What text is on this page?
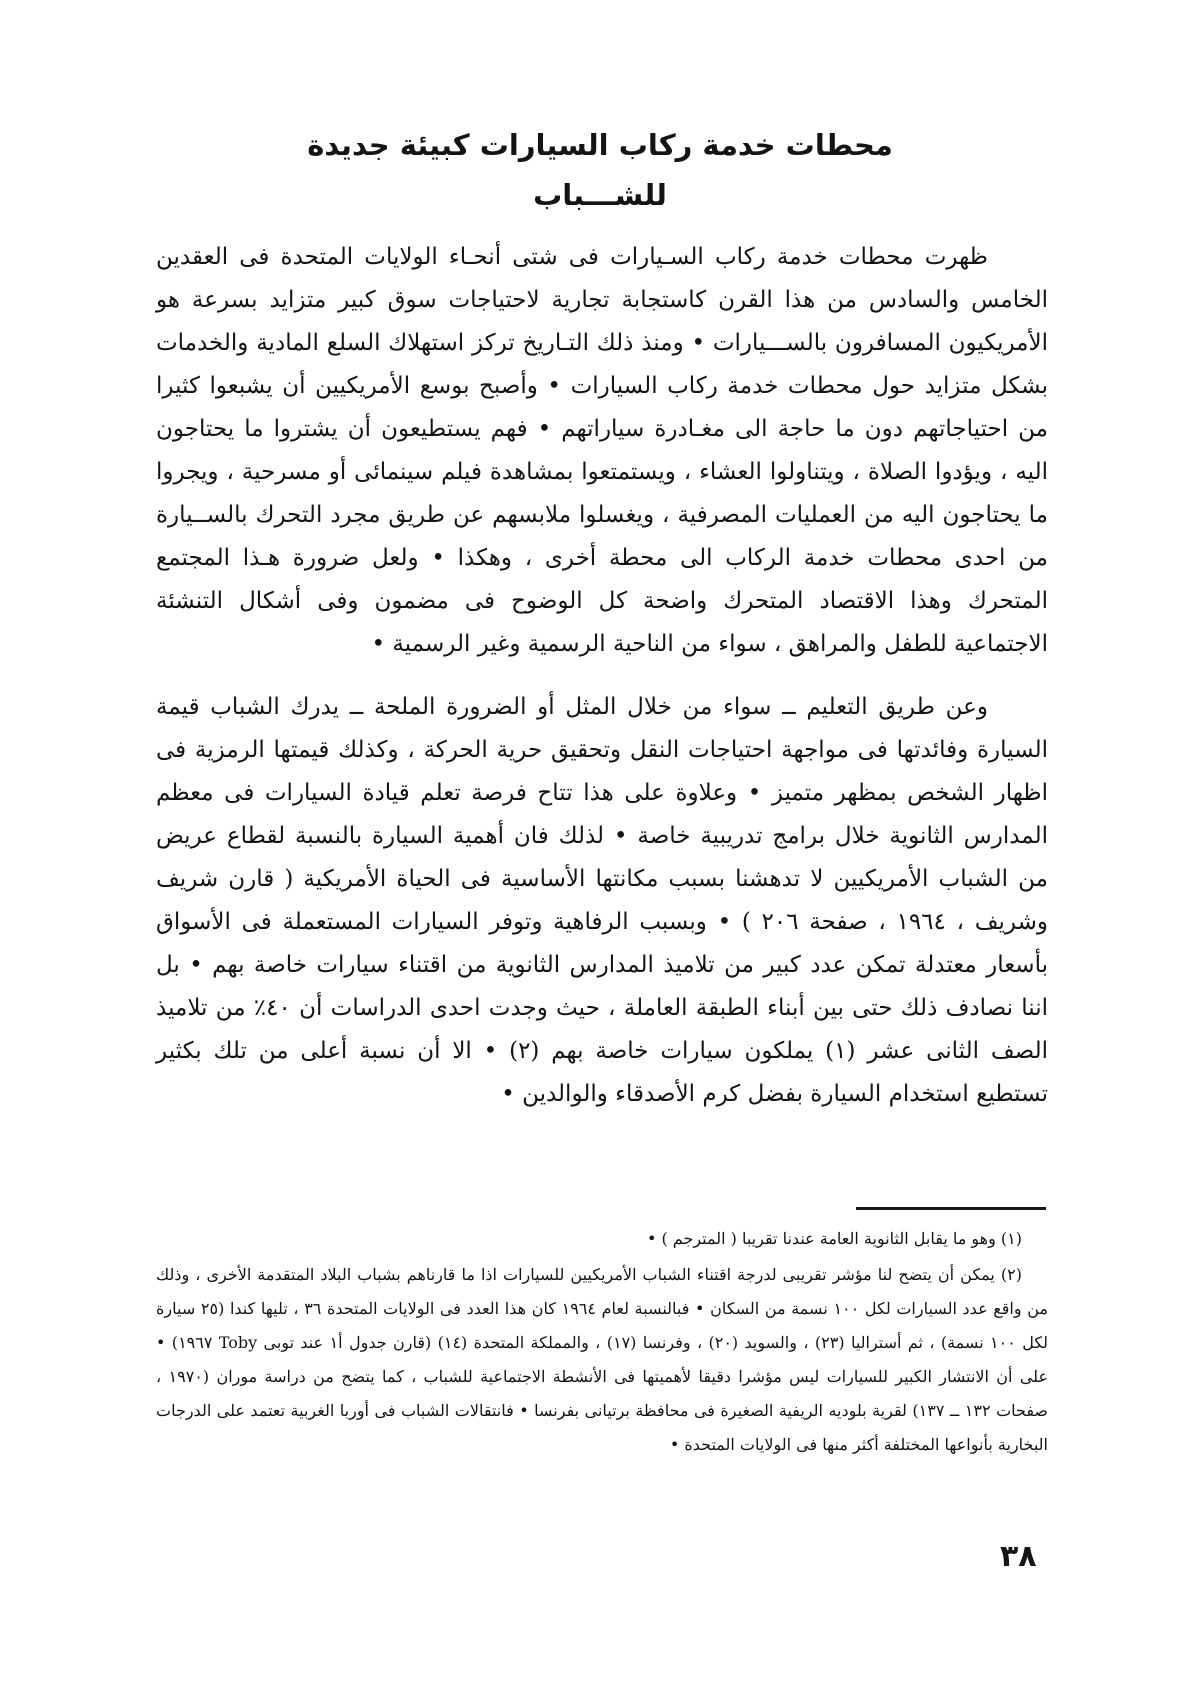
محطات خدمة ركاب السيارات كبيئة جديدة

للشـــباب

ظهرت محطات خدمة ركاب السـيارات فى شتى أنحـاء الولايات المتحدة فى العقدين الخامس والسادس من هذا القرن كاستجابة تجارية لاحتياجات سوق كبير متزايد بسرعة هو الأمريكيون المسافرون بالســـيارات • ومنذ ذلك التـاريخ تركز استهلاك السلع المادية والخدمات بشكل متزايد حول محطات خدمة ركاب السيارات • وأصبح بوسع الأمريكيين أن يشبعوا كثيرا من احتياجاتهم دون ما حاجة الى مغـادرة سياراتهم • فهم يستطيعون أن يشتروا ما يحتاجون اليه ، ويؤدوا الصلاة ، ويتناولوا العشاء ، ويستمتعوا بمشاهدة فيلم سينمائى أو مسرحية ، ويجروا ما يحتاجون اليه من العمليات المصرفية ، ويغسلوا ملابسهم عن طريق مجرد التحرك بالســيارة من احدى محطات خدمة الركاب الى محطة أخرى ، وهكذا • ولعل ضرورة هـذا المجتمع المتحرك وهذا الاقتصاد المتحرك واضحة كل الوضوح فى مضمون وفى أشكال التنشئة الاجتماعية للطفل والمراهق ، سواء من الناحية الرسمية وغير الرسمية •

وعن طريق التعليم ــ سواء من خلال المثل أو الضرورة الملحة ــ يدرك الشباب قيمة السيارة وفائدتها فى مواجهة احتياجات النقل وتحقيق حرية الحركة ، وكذلك قيمتها الرمزية فى اظهار الشخص بمظهر متميز • وعلاوة على هذا تتاح فرصة تعلم قيادة السيارات فى معظم المدارس الثانوية خلال برامج تدريبية خاصة • لذلك فان أهمية السيارة بالنسبة لقطاع عريض من الشباب الأمريكيين لا تدهشنا بسبب مكانتها الأساسية فى الحياة الأمريكية ( قارن شريف وشريف ، ١٩٦٤ ، صفحة ٢٠٦ ) • وبسبب الرفاهية وتوفر السيارات المستعملة فى الأسواق بأسعار معتدلة تمكن عدد كبير من تلاميذ المدارس الثانوية من اقتناء سيارات خاصة بهم • بل اننا نصادف ذلك حتى بين أبناء الطبقة العاملة ، حيث وجدت احدى الدراسات أن ٤٠٪ من تلاميذ الصف الثانى عشر (١) يملكون سيارات خاصة بهم (٢) • الا أن نسبة أعلى من تلك بكثير تستطيع استخدام السيارة بفضل كرم الأصدقاء والوالدين •

(١) وهو ما يقابل الثانوية العامة عندنا تقريبا ( المترجم ) •

(٢) يمكن أن يتضح لنا مؤشر تقريبى لدرجة اقتناء الشباب الأمريكيين للسيارات اذا ما قارناهم بشباب البلاد المتقدمة الأخرى ، وذلك من واقع عدد السيارات لكل ١٠٠ نسمة من السكان • فبالنسبة لعام ١٩٦٤ كان هذا العدد فى الولايات المتحدة ٣٦ ، تليها كندا (٢٥ سيارة لكل ١٠٠ نسمة) ، ثم أستراليا (٢٣) ، والسويد (٢٠) ، وفرنسا (١٧) ، والمملكة المتحدة (١٤) (قارن جدول أ١ عند توبى Toby ١٩٦٧) • على أن الانتشار الكبير للسيارات ليس مؤشرا دقيقا لأهميتها فى الأنشطة الاجتماعية للشباب ، كما يتضح من دراسة موران (١٩٧٠ ، صفحات ١٣٢ ــ ١٣٧) لقرية بلوديه الريفية الصغيرة فى محافظة برتيانى بفرنسا • فانتقالات الشباب فى أوربا الغربية تعتمد على الدرجات البخارية بأنواعها المختلفة أكثر منها فى الولايات المتحدة •

٣٨
